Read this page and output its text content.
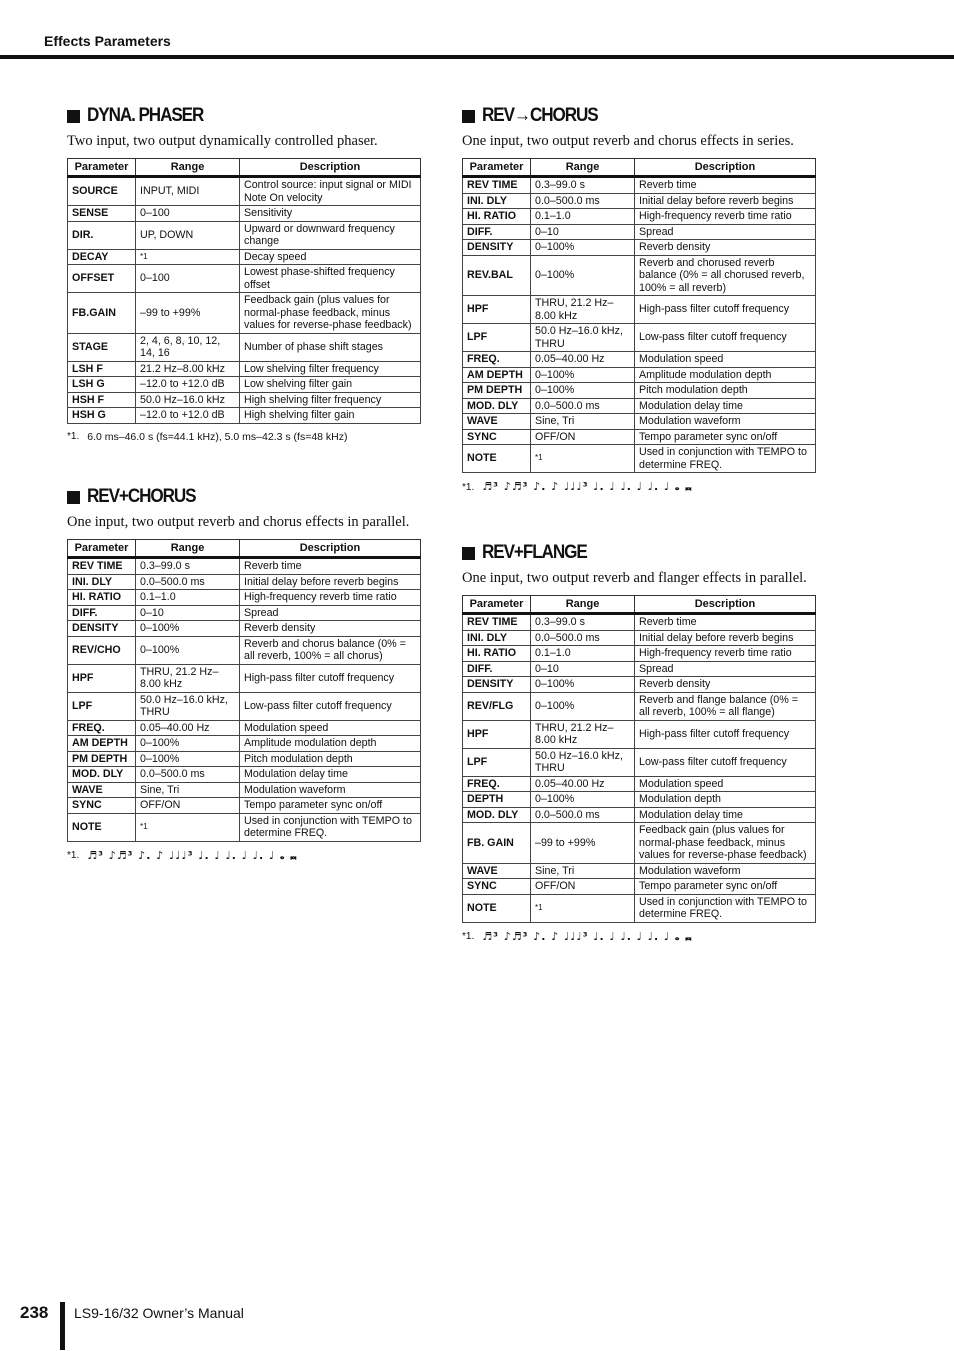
Effects Parameters
DYNA. PHASER
Two input, two output dynamically controlled phaser.
Parameter	Range	Description
SOURCE	INPUT, MIDI	Control source: input signal or MIDI Note On velocity
SENSE	0–100	Sensitivity
DIR.	UP, DOWN	Upward or downward frequency change
DECAY	*1	Decay speed
OFFSET	0–100	Lowest phase-shifted frequency offset
FB.GAIN	–99 to +99%	Feedback gain (plus values for normal-phase feedback, minus values for reverse-phase feedback)
STAGE	2, 4, 6, 8, 10, 12, 14, 16	Number of phase shift stages
LSH F	21.2 Hz–8.00 kHz	Low shelving filter frequency
LSH G	–12.0 to +12.0 dB	Low shelving filter gain
HSH F	50.0 Hz–16.0 kHz	High shelving filter frequency
HSH G	–12.0 to +12.0 dB	High shelving filter gain
*1. 6.0 ms–46.0 s (fs=44.1 kHz), 5.0 ms–42.3 s (fs=48 kHz)
REV+CHORUS
One input, two output reverb and chorus effects in parallel.
Parameter	Range	Description
REV TIME	0.3–99.0 s	Reverb time
INI. DLY	0.0–500.0 ms	Initial delay before reverb begins
HI. RATIO	0.1–1.0	High-frequency reverb time ratio
DIFF.	0–10	Spread
DENSITY	0–100%	Reverb density
REV/CHO	0–100%	Reverb and chorus balance (0% = all reverb, 100% = all chorus)
HPF	THRU, 21.2 Hz–8.00 kHz	High-pass filter cutoff frequency
LPF	50.0 Hz–16.0 kHz, THRU	Low-pass filter cutoff frequency
FREQ.	0.05–40.00 Hz	Modulation speed
AM DEPTH	0–100%	Amplitude modulation depth
PM DEPTH	0–100%	Pitch modulation depth
MOD. DLY	0.0–500.0 ms	Modulation delay time
WAVE	Sine, Tri	Modulation waveform
SYNC	OFF/ON	Tempo parameter sync on/off
NOTE	*1	Used in conjunction with TEMPO to determine FREQ.
*1. ♬³ ♪♬³ ♪. ♪ ♩♩♩³ ♩. ♩ ♩. ♩ ♩. ♩ 𝅝 𝅜
REV→CHORUS
One input, two output reverb and chorus effects in series.
Parameter	Range	Description
REV TIME	0.3–99.0 s	Reverb time
INI. DLY	0.0–500.0 ms	Initial delay before reverb begins
HI. RATIO	0.1–1.0	High-frequency reverb time ratio
DIFF.	0–10	Spread
DENSITY	0–100%	Reverb density
REV.BAL	0–100%	Reverb and chorused reverb balance (0% = all chorused reverb, 100% = all reverb)
HPF	THRU, 21.2 Hz–8.00 kHz	High-pass filter cutoff frequency
LPF	50.0 Hz–16.0 kHz, THRU	Low-pass filter cutoff frequency
FREQ.	0.05–40.00 Hz	Modulation speed
AM DEPTH	0–100%	Amplitude modulation depth
PM DEPTH	0–100%	Pitch modulation depth
MOD. DLY	0.0–500.0 ms	Modulation delay time
WAVE	Sine, Tri	Modulation waveform
SYNC	OFF/ON	Tempo parameter sync on/off
NOTE	*1	Used in conjunction with TEMPO to determine FREQ.
*1. ♬³ ♪♬³ ♪. ♪ ♩♩♩³ ♩. ♩ ♩. ♩ ♩. ♩ 𝅝 𝅜
REV+FLANGE
One input, two output reverb and flanger effects in parallel.
Parameter	Range	Description
REV TIME	0.3–99.0 s	Reverb time
INI. DLY	0.0–500.0 ms	Initial delay before reverb begins
HI. RATIO	0.1–1.0	High-frequency reverb time ratio
DIFF.	0–10	Spread
DENSITY	0–100%	Reverb density
REV/FLG	0–100%	Reverb and flange balance (0% = all reverb, 100% = all flange)
HPF	THRU, 21.2 Hz–8.00 kHz	High-pass filter cutoff frequency
LPF	50.0 Hz–16.0 kHz, THRU	Low-pass filter cutoff frequency
FREQ.	0.05–40.00 Hz	Modulation speed
DEPTH	0–100%	Modulation depth
MOD. DLY	0.0–500.0 ms	Modulation delay time
FB. GAIN	–99 to +99%	Feedback gain (plus values for normal-phase feedback, minus values for reverse-phase feedback)
WAVE	Sine, Tri	Modulation waveform
SYNC	OFF/ON	Tempo parameter sync on/off
NOTE	*1	Used in conjunction with TEMPO to determine FREQ.
*1. ♬³ ♪♬³ ♪. ♪ ♩♩♩³ ♩. ♩ ♩. ♩ ♩. ♩ 𝅝 𝅜
238 LS9-16/32 Owner’s Manual
